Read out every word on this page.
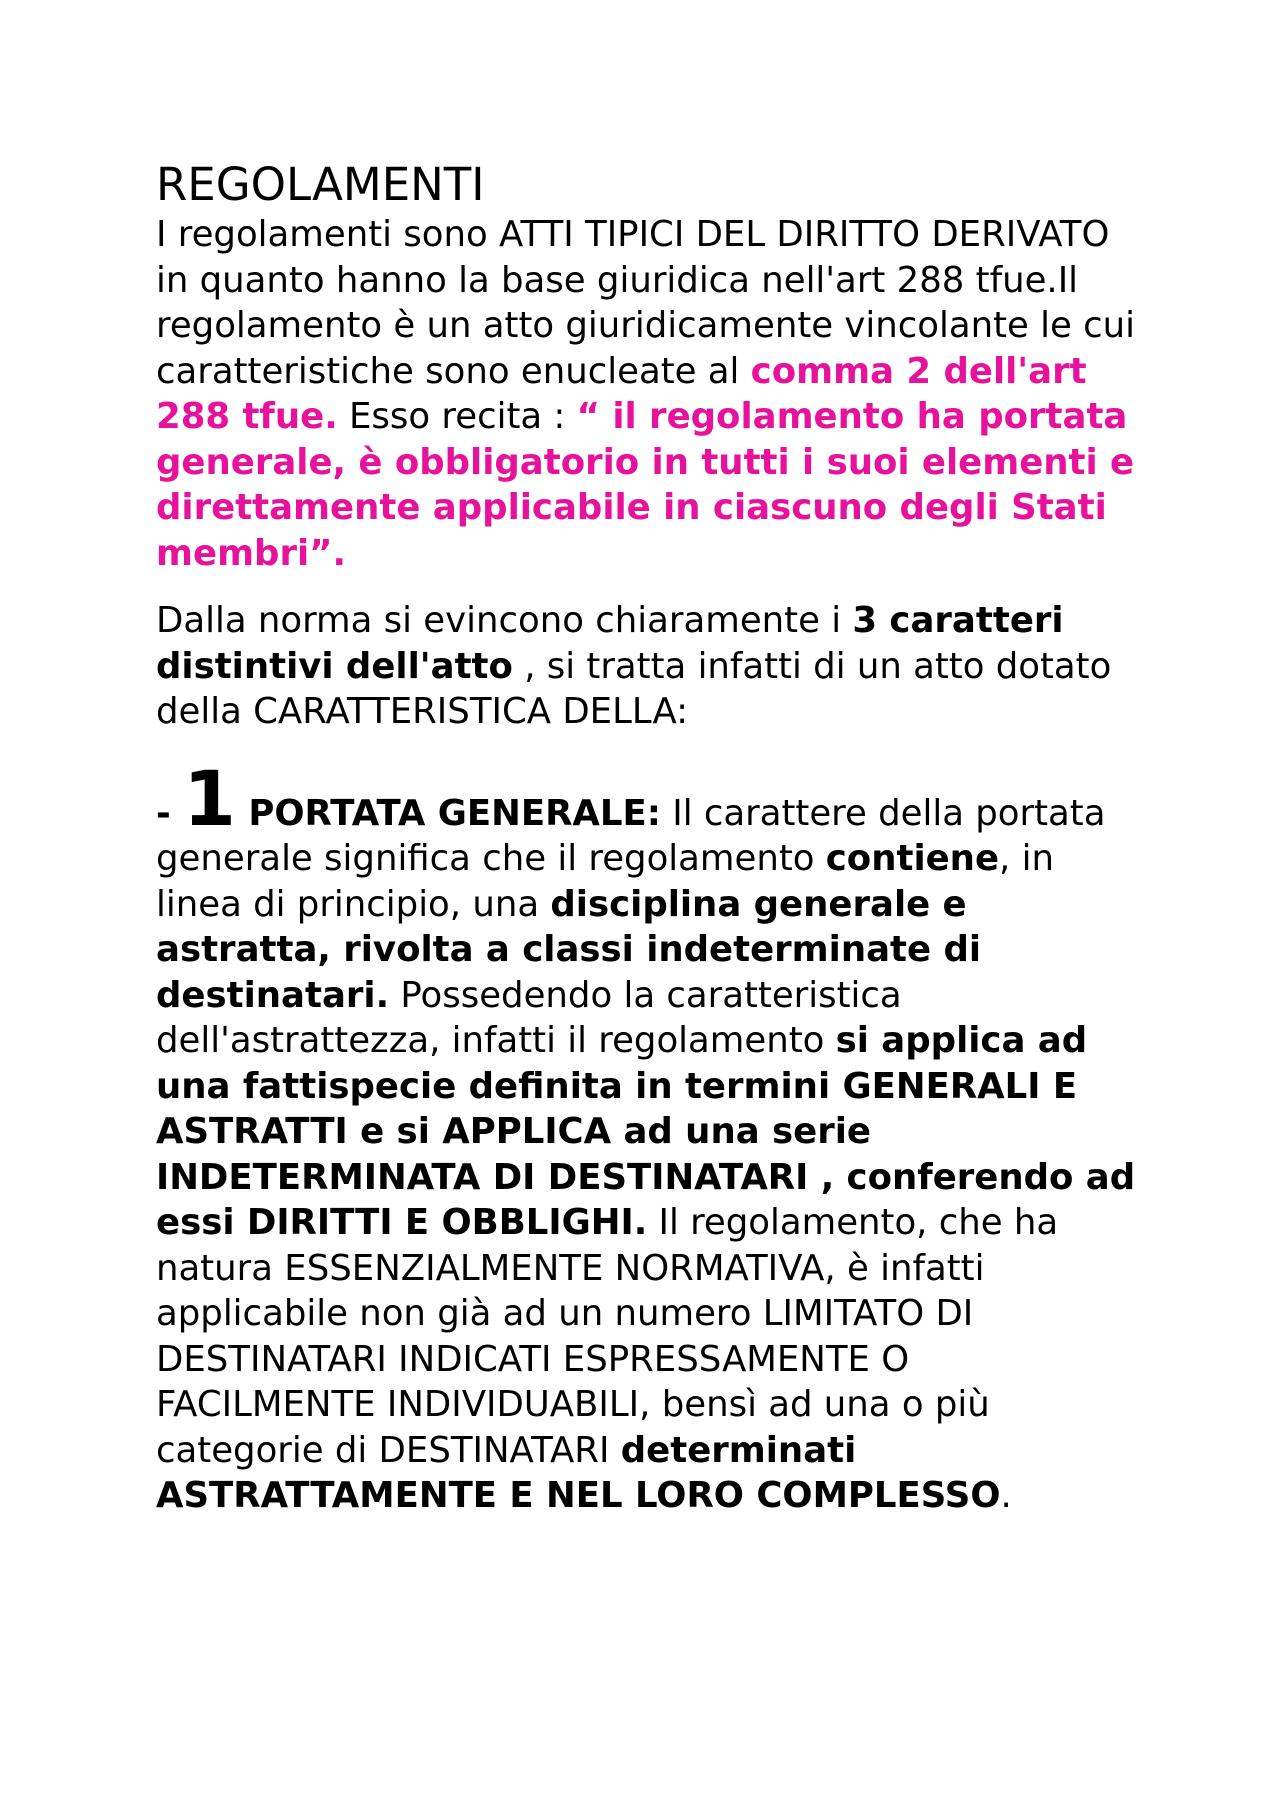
REGOLAMENTI

I regolamenti sono ATTI TIPICI DEL DIRITTO DERIVATO in quanto hanno la base giuridica nell'art 288 tfue.Il regolamento è un atto giuridicamente vincolante le cui caratteristiche sono enucleate al comma 2 dell'art 288 tfue. Esso recita : “ il regolamento ha portata generale, è obbligatorio in tutti i suoi elementi e direttamente applicabile in ciascuno degli Stati membri”.

Dalla norma si evincono chiaramente i 3 caratteri distintivi dell'atto , si tratta infatti di un atto dotato della CARATTERISTICA DELLA:

- 1 PORTATA GENERALE: Il carattere della portata generale significa che il regolamento contiene, in linea di principio, una disciplina generale e astratta, rivolta a classi indeterminate di destinatari. Possedendo la caratteristica dell'astrattezza, infatti il regolamento si applica ad una fattispecie definita in termini GENERALI E ASTRATTI e si APPLICA ad una serie INDETERMINATA DI DESTINATARI , conferendo ad essi DIRITTI E OBBLIGHI. Il regolamento, che ha natura ESSENZIALMENTE NORMATIVA, è infatti applicabile non già ad un numero LIMITATO DI DESTINATARI INDICATI ESPRESSAMENTE O FACILMENTE INDIVIDUABILI, bensì ad una o più categorie di DESTINATARI determinati ASTRATTAMENTE E NEL LORO COMPLESSO.
